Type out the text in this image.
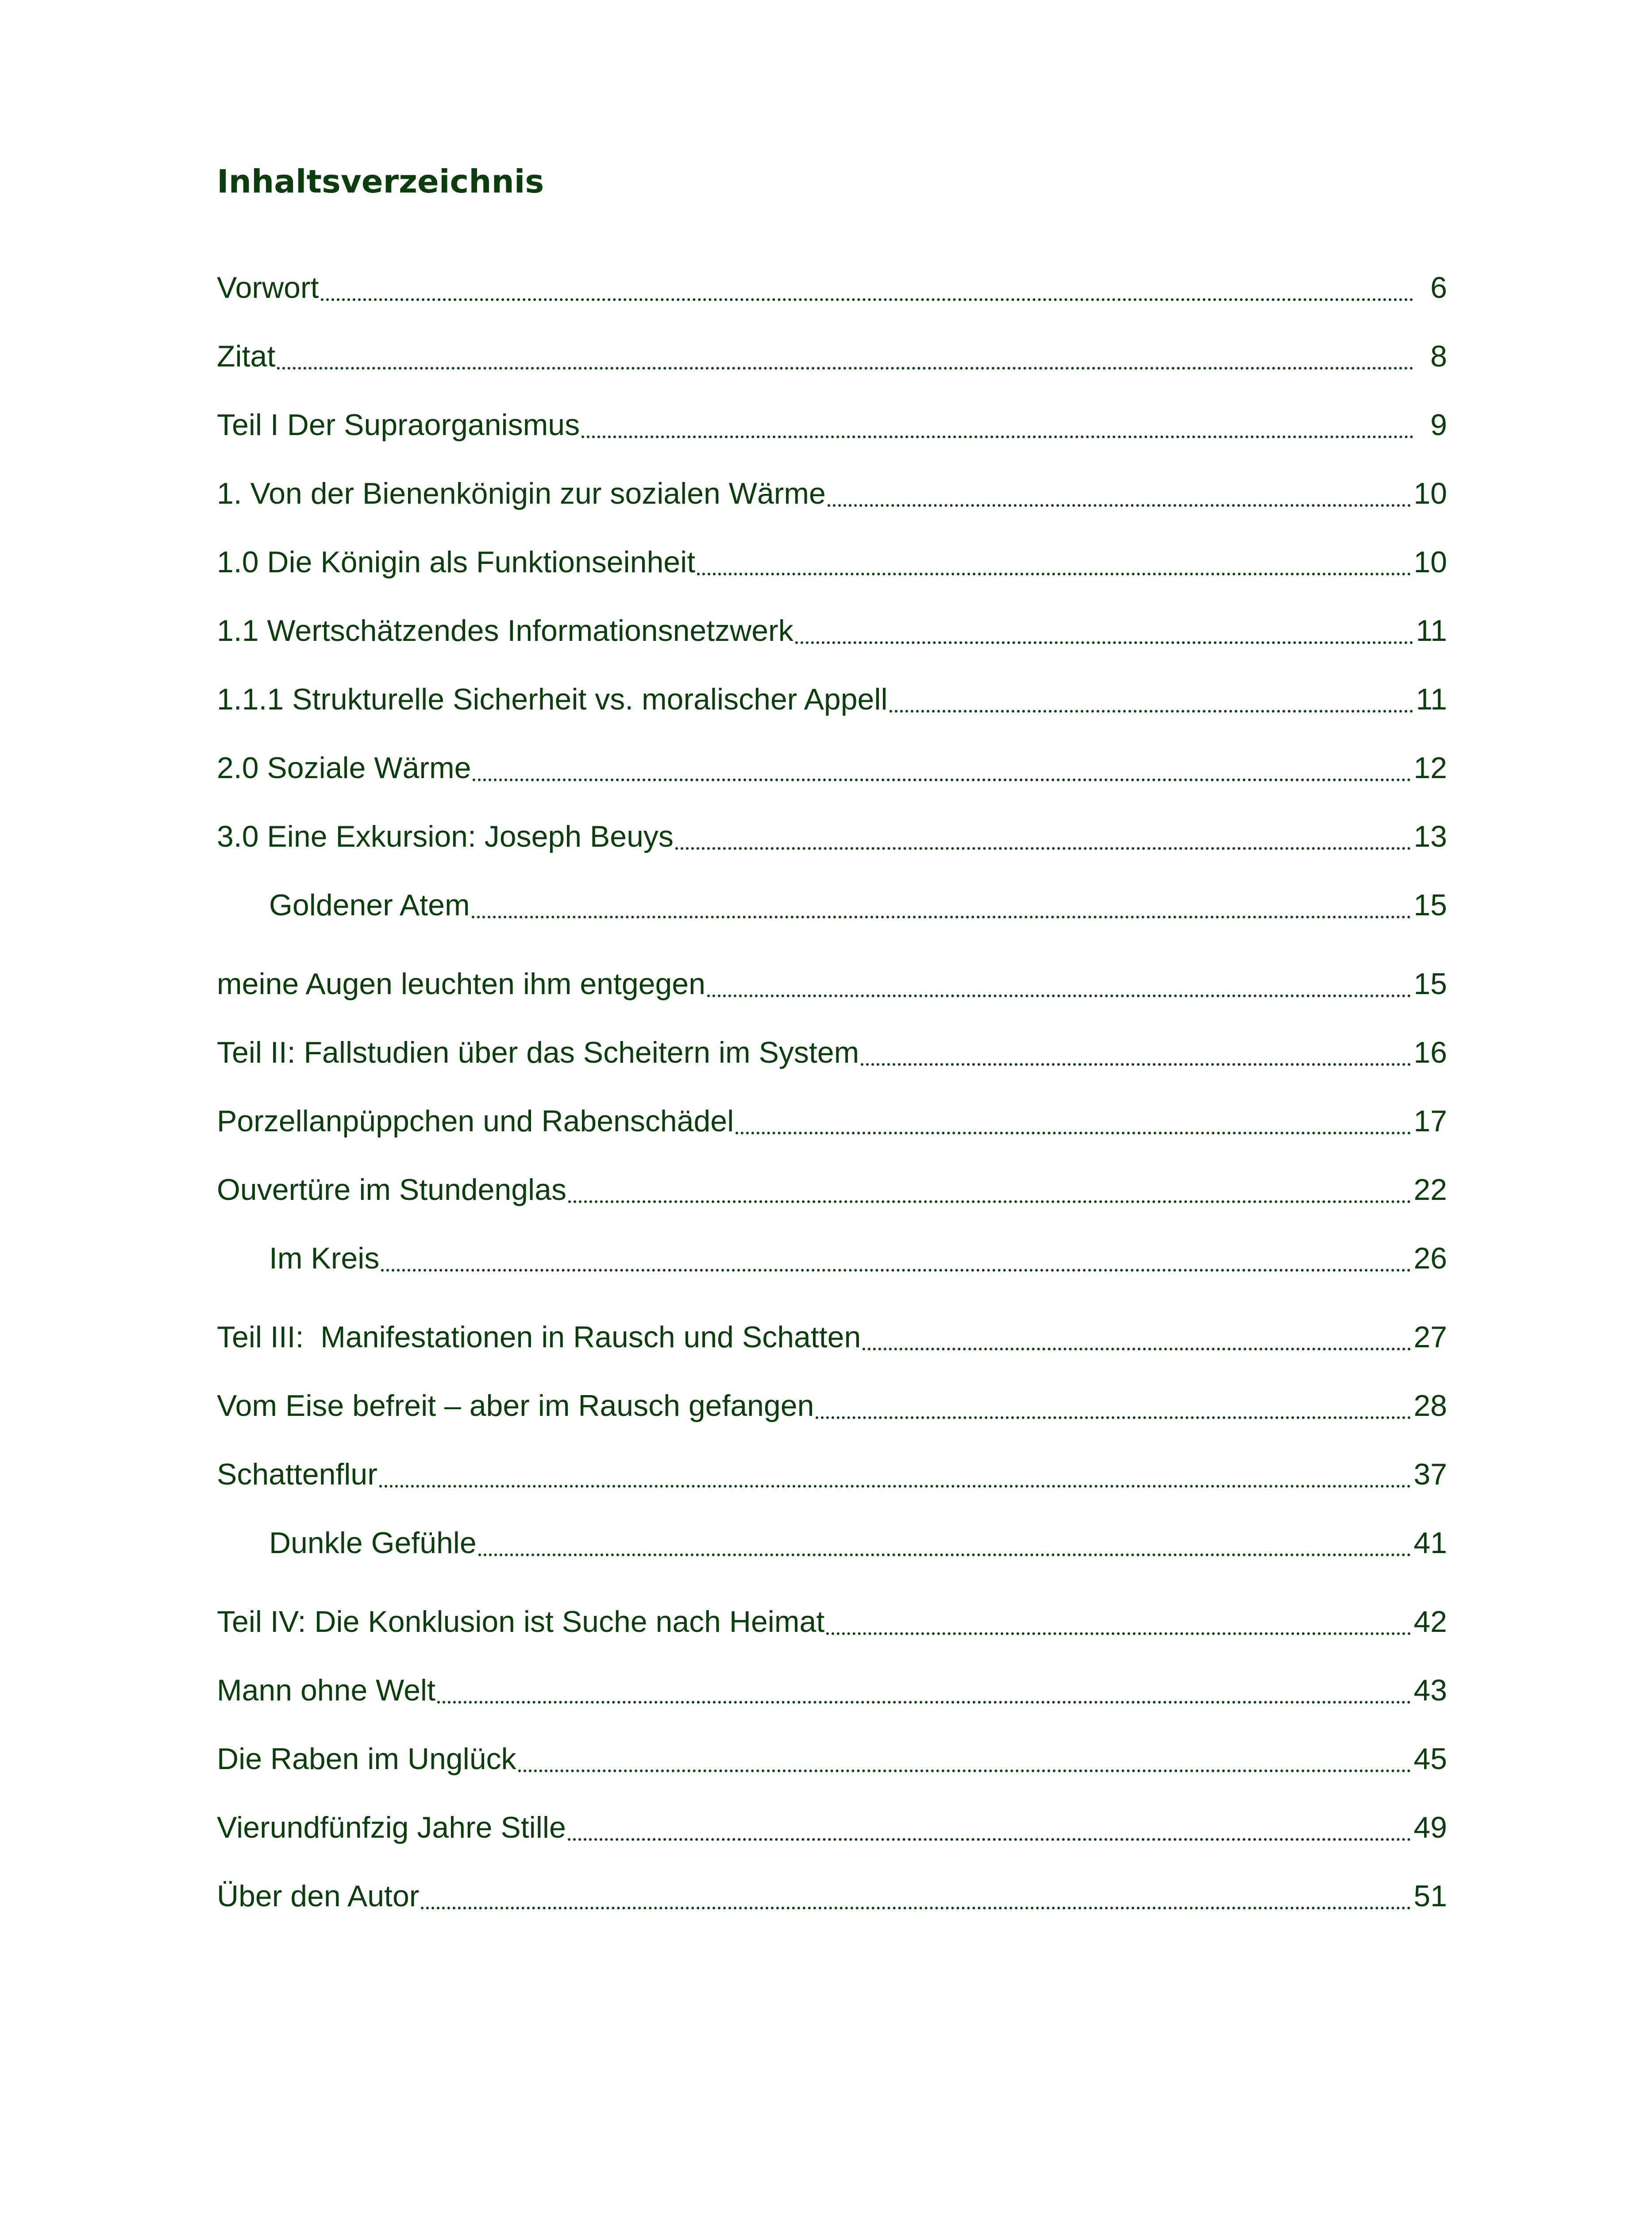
Inhaltsverzeichnis
Vorwort	6
Zitat	8
Teil I Der Supraorganismus	9
1. Von der Bienenkönigin zur sozialen Wärme	10
1.0 Die Königin als Funktionseinheit	10
1.1 Wertschätzendes Informationsnetzwerk	11
1.1.1 Strukturelle Sicherheit vs. moralischer Appell	11
2.0 Soziale Wärme	12
3.0 Eine Exkursion: Joseph Beuys	13
Goldener Atem	15
meine Augen leuchten ihm entgegen	15
Teil II: Fallstudien über das Scheitern im System	16
Porzellanpüppchen und Rabenschädel	17
Ouvertüre im Stundenglas	22
Im Kreis	26
Teil III:  Manifestationen in Rausch und Schatten	27
Vom Eise befreit – aber im Rausch gefangen	28
Schattenflur	37
Dunkle Gefühle	41
Teil IV: Die Konklusion ist Suche nach Heimat	42
Mann ohne Welt	43
Die Raben im Unglück	45
Vierundfünfzig Jahre Stille	49
Über den Autor	51
